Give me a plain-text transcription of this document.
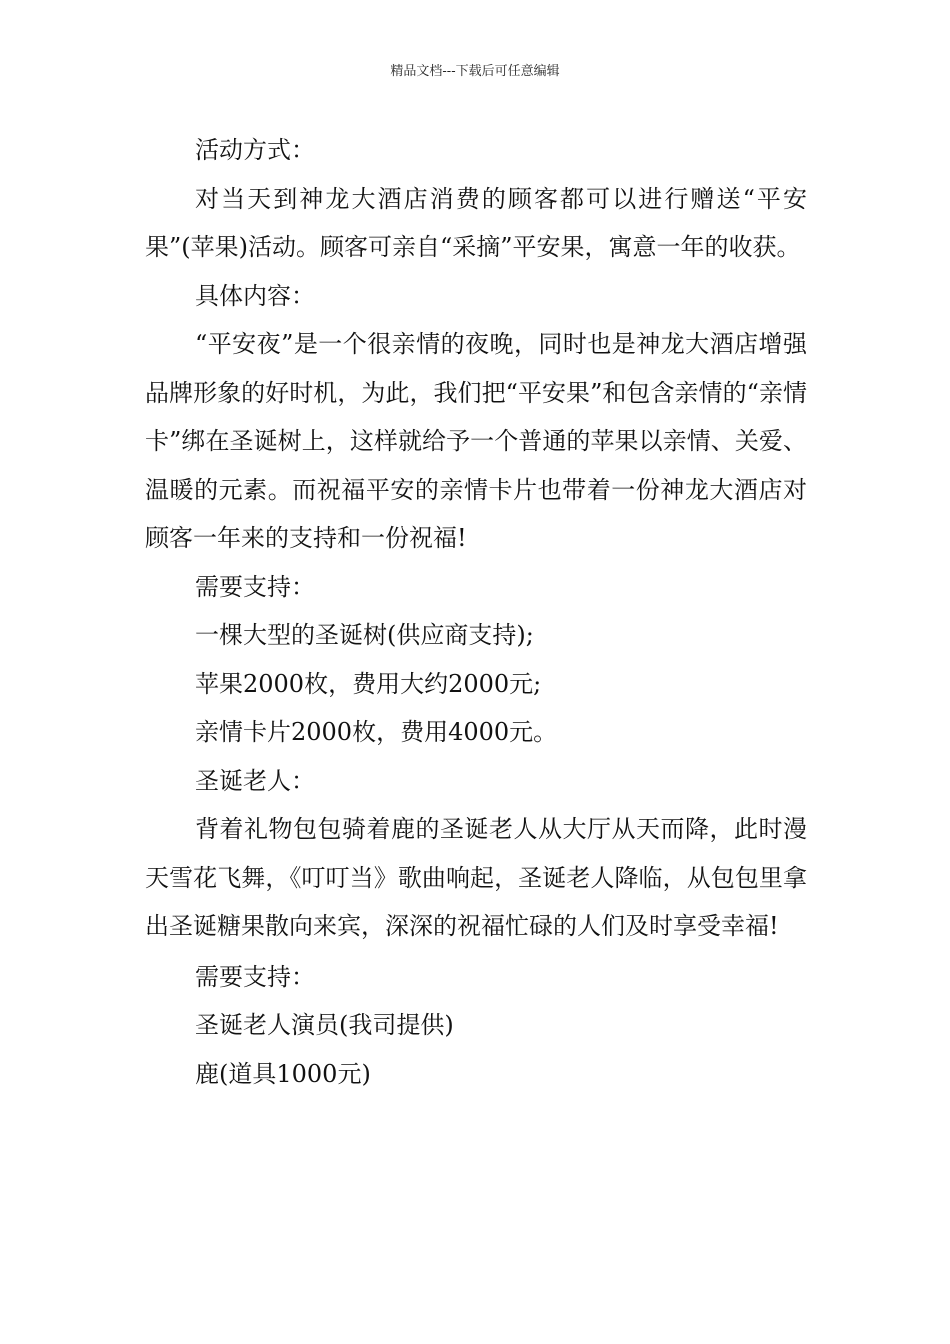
精品文档---下载后可任意编辑

活动方式：

对当天到神龙大酒店消费的顾客都可以进行赠送“平安果”(苹果)活动。顾客可亲自“采摘”平安果，寓意一年的收获。

具体内容：

“平安夜”是一个很亲情的夜晚，同时也是神龙大酒店增强品牌形象的好时机，为此，我们把“平安果”和包含亲情的“亲情卡”绑在圣诞树上，这样就给予一个普通的苹果以亲情、关爱、温暖的元素。而祝福平安的亲情卡片也带着一份神龙大酒店对顾客一年来的支持和一份祝福!

需要支持：

一棵大型的圣诞树(供应商支持);

苹果2000枚，费用大约2000元;

亲情卡片2000枚，费用4000元。

圣诞老人：

背着礼物包包骑着鹿的圣诞老人从大厅从天而降，此时漫天雪花飞舞，《叮叮当》歌曲响起，圣诞老人降临，从包包里拿出圣诞糖果散向来宾，深深的祝福忙碌的人们及时享受幸福!

需要支持：

圣诞老人演员(我司提供)

鹿(道具1000元)
